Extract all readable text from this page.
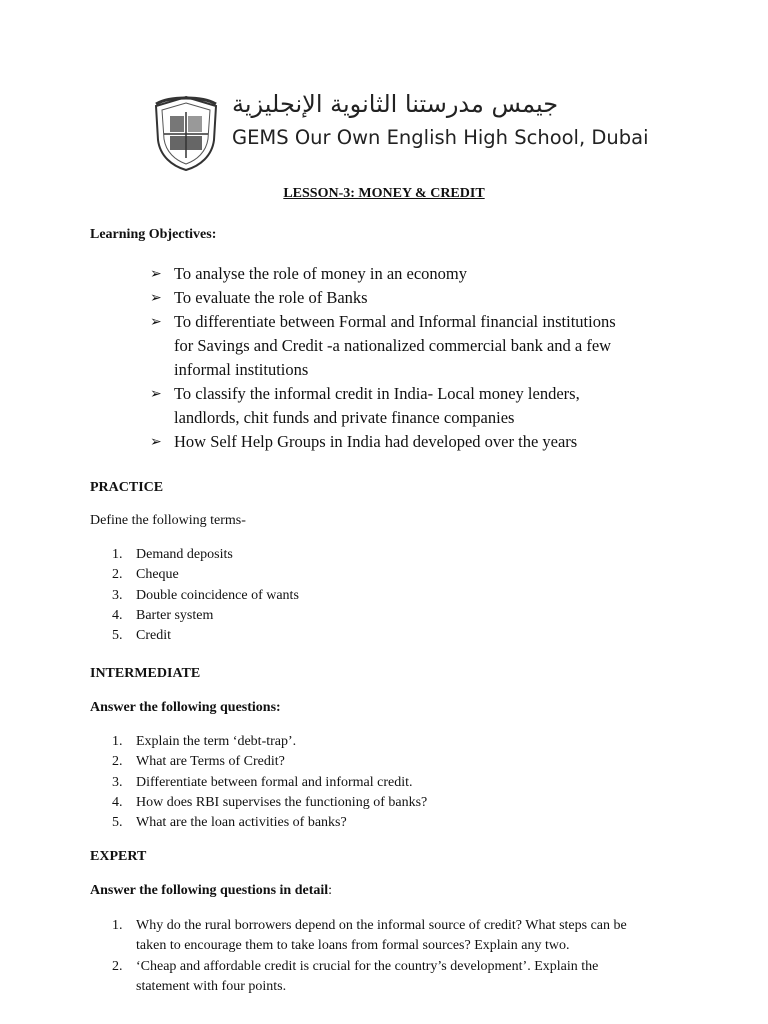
جيمس مدرستنا الثانوية الإنجليزية
GEMS Our Own English High School, Dubai
LESSON-3: MONEY & CREDIT
Learning Objectives:
➢ To analyse the role of money in an economy
➢ To evaluate the role of Banks
➢ To differentiate between Formal and Informal financial institutions
for Savings and Credit -a nationalized commercial bank and a few
informal institutions
➢ To classify the informal credit in India- Local money lenders,
landlords, chit funds and private finance companies
➢ How Self Help Groups in India had developed over the years
PRACTICE
Define the following terms-
1. Demand deposits
2. Cheque
3. Double coincidence of wants
4. Barter system
5. Credit
INTERMEDIATE
Answer the following questions:
1. Explain the term ‘debt-trap’.
2. What are Terms of Credit?
3. Differentiate between formal and informal credit.
4. How does RBI supervises the functioning of banks?
5. What are the loan activities of banks?
EXPERT
Answer the following questions in detail:
1. Why do the rural borrowers depend on the informal source of credit? What steps can be
taken to encourage them to take loans from formal sources? Explain any two.
2. ‘Cheap and affordable credit is crucial for the country’s development’. Explain the
statement with four points.
